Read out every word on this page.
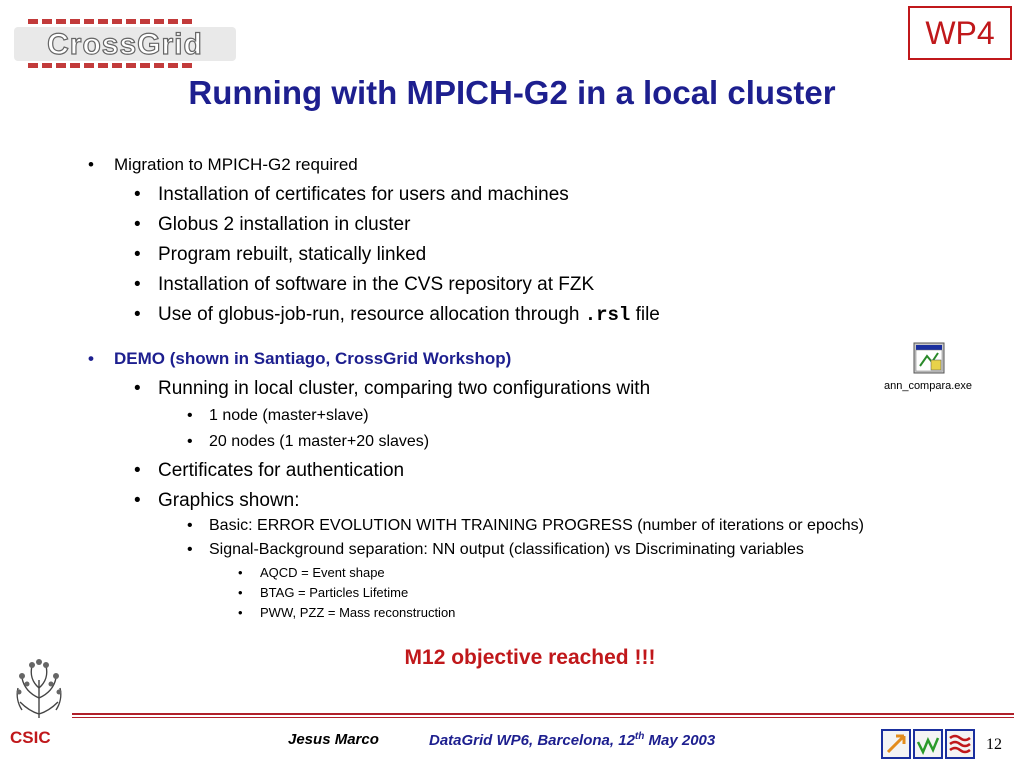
CrossGrid	WP4
Running with MPICH-G2 in a local cluster
• Migration to MPICH-G2 required
• Installation of certificates for users and machines
• Globus 2 installation in cluster
• Program rebuilt, statically linked
• Installation of software in the CVS repository at FZK
• Use of globus-job-run, resource allocation through .rsl file
• DEMO (shown in Santiago, CrossGrid Workshop)
• Running in local cluster, comparing two configurations with
• 1 node (master+slave)
• 20 nodes (1 master+20 slaves)
• Certificates for authentication
• Graphics shown:
• Basic: ERROR EVOLUTION WITH TRAINING PROGRESS (number of iterations or epochs)
• Signal-Background separation: NN output (classification) vs Discriminating variables
• AQCD = Event shape
• BTAG = Particles Lifetime
• PWW, PZZ = Mass reconstruction
ann_compara.exe
M12 objective reached !!!
CSIC	Jesus Marco	DataGrid WP6, Barcelona, 12th May 2003	12
